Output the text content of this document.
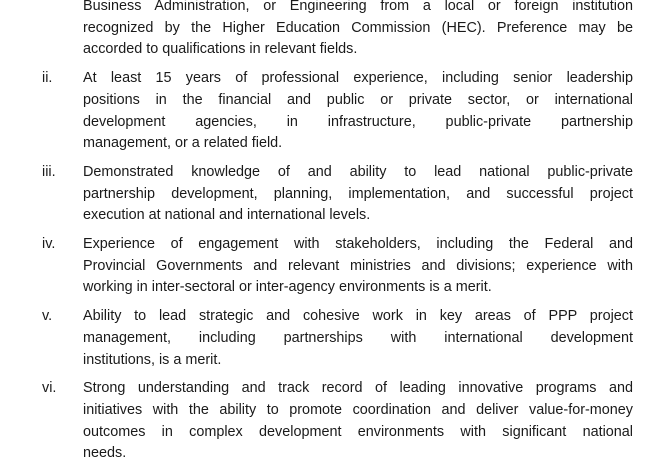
Business Administration, or Engineering from a local or foreign institution
recognized by the Higher Education Commission (HEC). Preference may be
accorded to qualifications in relevant fields.
ii. At least 15 years of professional experience, including senior leadership
positions in the financial and public or private sector, or international
development agencies, in infrastructure, public-private partnership
management, or a related field.
iii. Demonstrated knowledge of and ability to lead national public-private
partnership development, planning, implementation, and successful project
execution at national and international levels.
iv. Experience of engagement with stakeholders, including the Federal and
Provincial Governments and relevant ministries and divisions; experience with
working in inter-sectoral or inter-agency environments is a merit.
v. Ability to lead strategic and cohesive work in key areas of PPP project
management, including partnerships with international development
institutions, is a merit.
vi. Strong understanding and track record of leading innovative programs and
initiatives with the ability to promote coordination and deliver value-for-money
outcomes in complex development environments with significant national
needs.
